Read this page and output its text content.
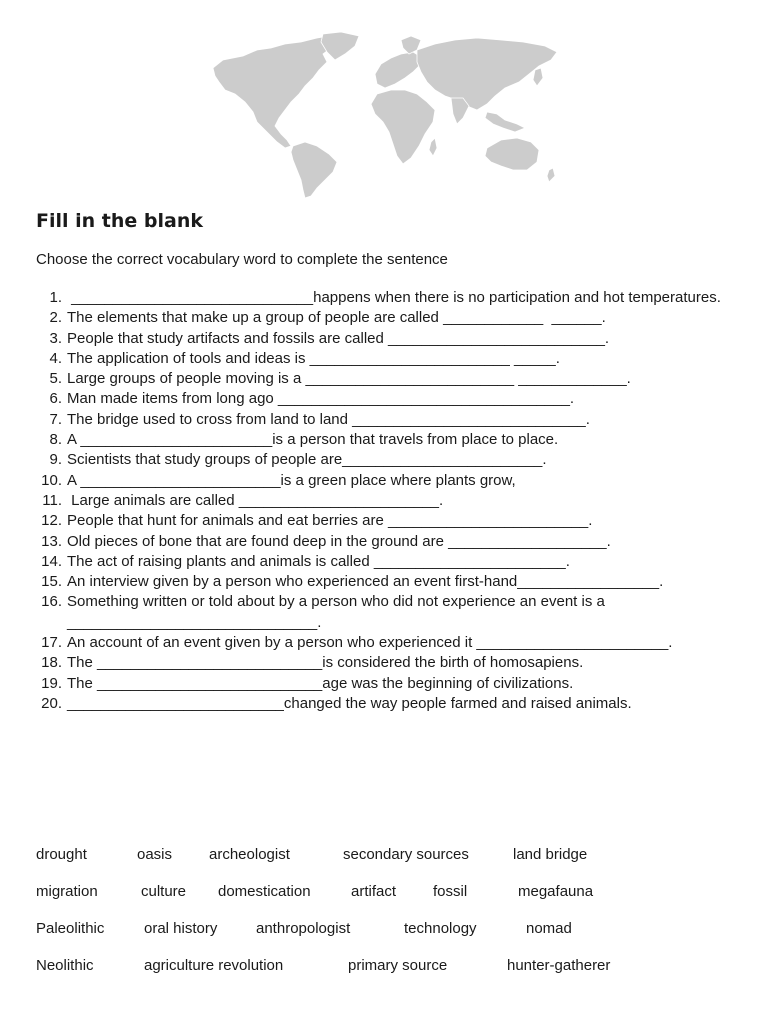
Fill in the blank
Choose the correct vocabulary word to complete the sentence
1. _____________________________happens when there is no participation and hot temperatures.
2. The elements that make up a group of people are called ____________  ______.
3. People that study artifacts and fossils are called __________________________.
4. The application of tools and ideas is ________________________ _____.
5. Large groups of people moving is a _________________________ _____________.
6. Man made items from long ago ___________________________________.
7. The bridge used to cross from land to land ____________________________.
8. A _______________________is a person that travels from place to place.
9. Scientists that study groups of people are________________________.
10. A ________________________is a green place where plants grow,
11. Large animals are called ________________________.
12. People that hunt for animals and eat berries are ________________________.
13. Old pieces of bone that are found deep in the ground are ___________________.
14. The act of raising plants and animals is called _______________________.
15. An interview given by a person who experienced an event first-hand_________________.
16. Something written or told about by a person who did not experience an event is a ______________________________.
17. An account of an event given by a person who experienced it _______________________.
18. The ___________________________is considered the birth of homosapiens.
19. The ___________________________age was the beginning of civilizations.
20. __________________________changed the way people farmed and raised animals.
drought	oasis archeologist	secondary sources	land bridge
migration	culture domestication	artifact fossil	megafauna
Paleolithic	oral history	anthropologist	technology	nomad
Neolithic	agriculture revolution	primary source	hunter-gatherer
